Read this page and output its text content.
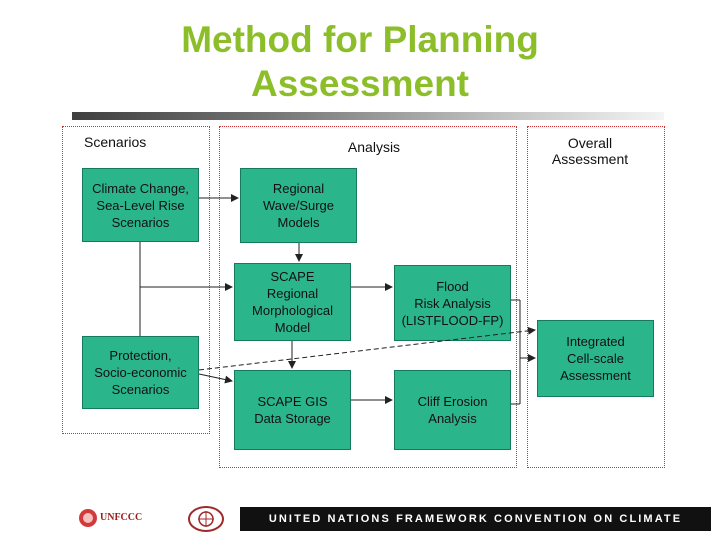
Method for Planning
Assessment
Scenarios	Analysis	Overall
Assessment
Climate Change,
Sea-Level Rise
Scenarios
Regional
Wave/Surge
Models
SCAPE
Regional
Morphological
Model
Flood
Risk Analysis
(LISTFLOOD-FP)
Protection,
Socio-economic
Scenarios
SCAPE GIS
Data Storage
Cliff Erosion
Analysis
Integrated
Cell-scale
Assessment
UNFCCC	UNITED NATIONS FRAMEWORK CONVENTION ON CLIMATE CHANGE
